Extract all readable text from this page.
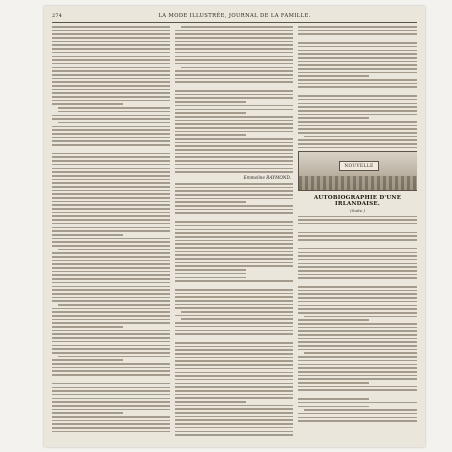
274	LA MODE ILLUSTRÉE, JOURNAL DE LA FAMILLE.
Emmeline RAYMOND.
NOUVELLE
AUTOBIOGRAPHIE D'UNE IRLANDAISE.
(Suite.)
